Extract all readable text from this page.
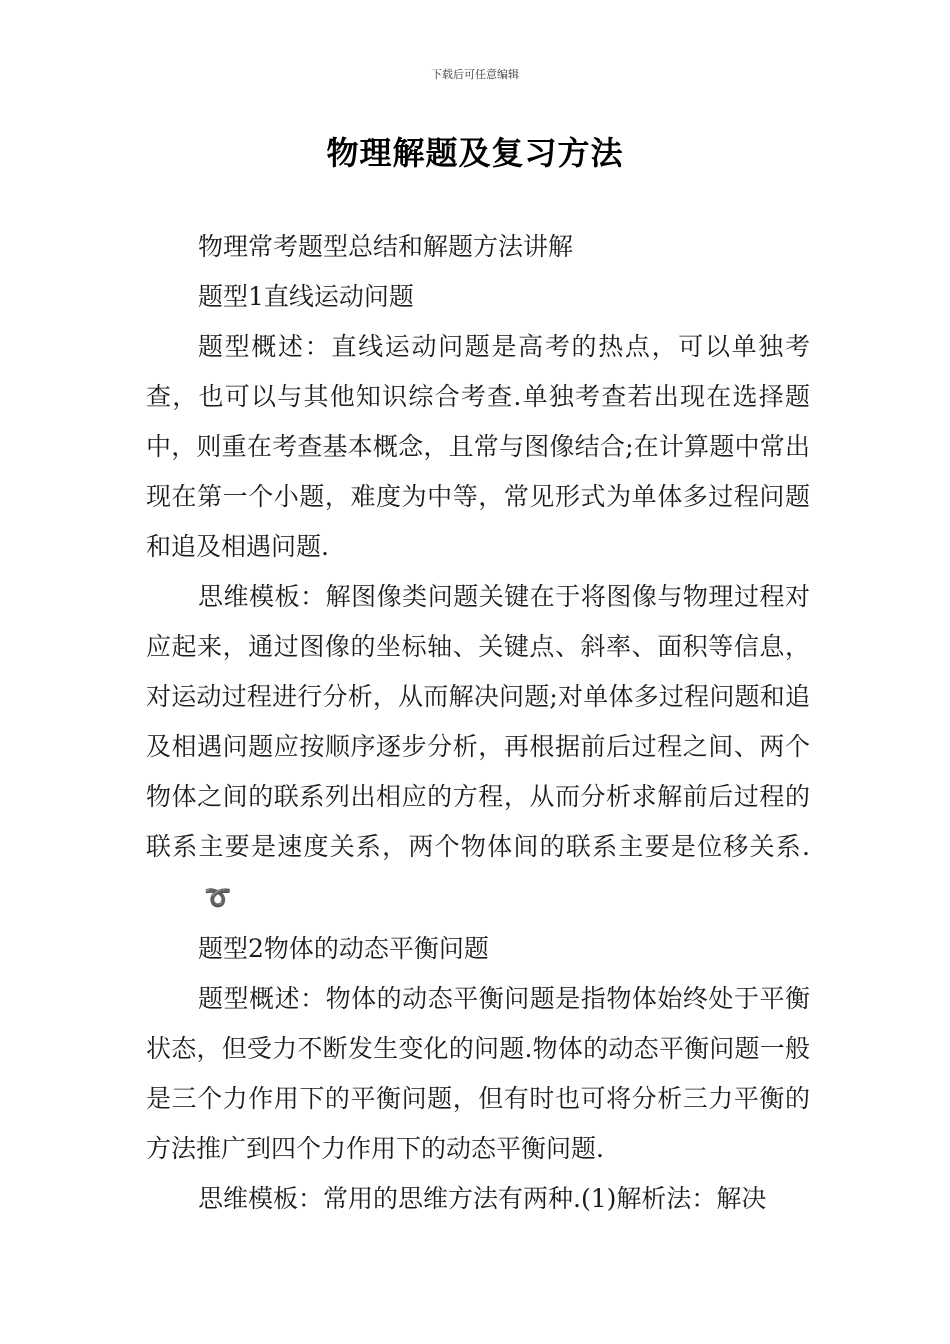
下载后可任意编辑
物理解题及复习方法

物理常考题型总结和解题方法讲解

题型1直线运动问题

题型概述：直线运动问题是高考的热点，可以单独考查，也可以与其他知识综合考查.单独考查若出现在选择题中，则重在考查基本概念，且常与图像结合;在计算题中常出现在第一个小题，难度为中等，常见形式为单体多过程问题和追及相遇问题.

思维模板：解图像类问题关键在于将图像与物理过程对应起来，通过图像的坐标轴、关键点、斜率、面积等信息，对运动过程进行分析，从而解决问题;对单体多过程问题和追及相遇问题应按顺序逐步分析，再根据前后过程之间、两个物体之间的联系列出相应的方程，从而分析求解前后过程的联系主要是速度关系，两个物体间的联系主要是位移关系.➰

题型2物体的动态平衡问题

题型概述：物体的动态平衡问题是指物体始终处于平衡状态，但受力不断发生变化的问题.物体的动态平衡问题一般是三个力作用下的平衡问题，但有时也可将分析三力平衡的方法推广到四个力作用下的动态平衡问题.

思维模板：常用的思维方法有两种.(1)解析法：解决
